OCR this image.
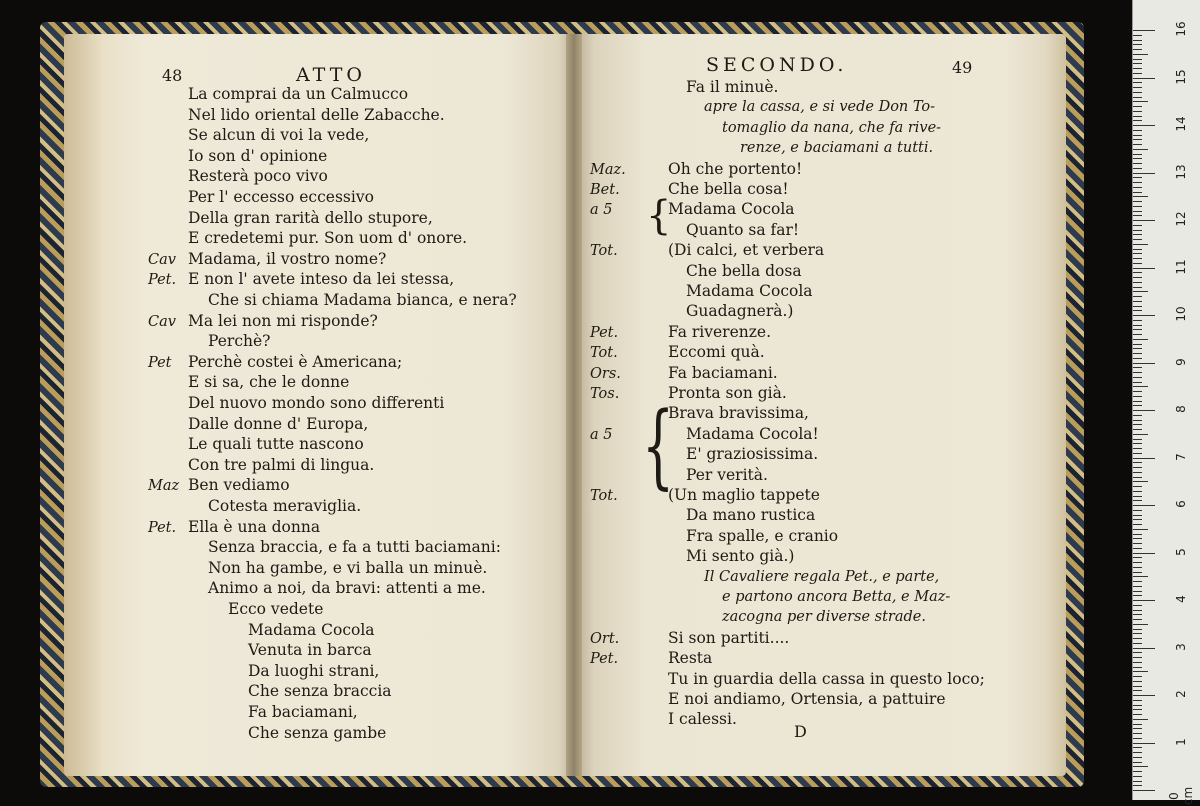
48	ATTO
La comprai da un Calmucco
Nel lido oriental delle Zabacche.
Se alcun di voi la vede,
Io son d' opinione
Resterà poco vivo
Per l' eccesso eccessivo
Della gran rarità dello stupore,
E credetemi pur. Son uom d' onore.
Cav Madama, il vostro nome?
Pet. E non l' avete inteso da lei stessa,
Che si chiama Madama bianca, e nera?
Cav Ma lei non mi risponde?
Perchè?
Pet Perchè costei è Americana;
E si sa, che le donne
Del nuovo mondo sono differenti
Dalle donne d' Europa,
Le quali tutte nascono
Con tre palmi di lingua.
Maz Ben vediamo
Cotesta meraviglia.
Pet. Ella è una donna
Senza braccia, e fa a tutti baciamani:
Non ha gambe, e vi balla un minuè.
Animo a noi, da bravi: attenti a me.
Ecco vedete
Madama Cocola
Venuta in barca
Da luoghi strani,
Che senza braccia
Fa baciamani,
Che senza gambe
SECONDO.	49
Fa il minuè.
apre la cassa, e si vede Don To-
tomaglio da nana, che fa rive-
renze, e baciamani a tutti.
Maz.	Oh che portento!
Bet.	Che bella cosa!
a 5	Madama Cocola
Quanto sa far!
Tot.	(Di calci, et verbera
Che bella dosa
Madama Cocola
Guadagnerà.)
Pet.	Fa riverenze.
Tot.	Eccomi quà.
Ors.	Fa baciamani.
Tos.	Pronta son già.
Brava bravissima,
a 5	Madama Cocola!
E' graziosissima.
Per verità.
Tot.	(Un maglio tappete
Da mano rustica
Fra spalle, e cranio
Mi sento già.)
Il Cavaliere regala Pet., e parte,
e partono ancora Betta, e Maz-
zacogna per diverse strade.
Ort.	Si son partiti....
Pet.	Resta
Tu in guardia della cassa in questo loco;
E noi andiamo, Ortensia, a pattuire
I calessi.
{
{
D
16
15
14
13
12
11
10
9
8
7
6
5
4
3
2
1
0 cm
